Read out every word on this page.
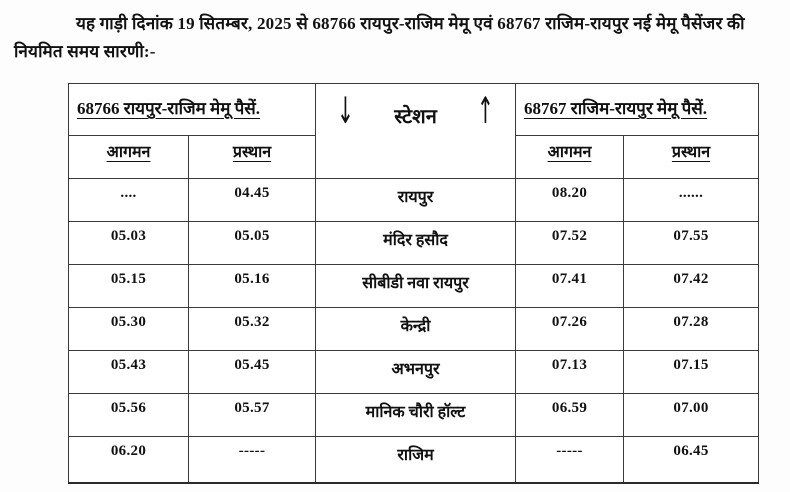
यह गाड़ी दिनांक 19 सितम्बर, 2025 से 68766 रायपुर-राजिम मेमू एवं 68767 राजिम-रायपुर नई मेमू पैसेंजर की नियमित समय सारणी:-

68766 रायपुर-राजिम मेमू पैसें.		↓ स्टेशन ↑	68767 राजिम-रायपुर मेमू पैसें.	
आगमन	प्रस्थान		आगमन	प्रस्थान
....	04.45	रायपुर	08.20	......
05.03	05.05	मंदिर हसौद	07.52	07.55
05.15	05.16	सीबीडी नवा रायपुर	07.41	07.42
05.30	05.32	केन्द्री	07.26	07.28
05.43	05.45	अभनपुर	07.13	07.15
05.56	05.57	मानिक चौरी हॉल्ट	06.59	07.00
06.20	-----	राजिम	-----	06.45
